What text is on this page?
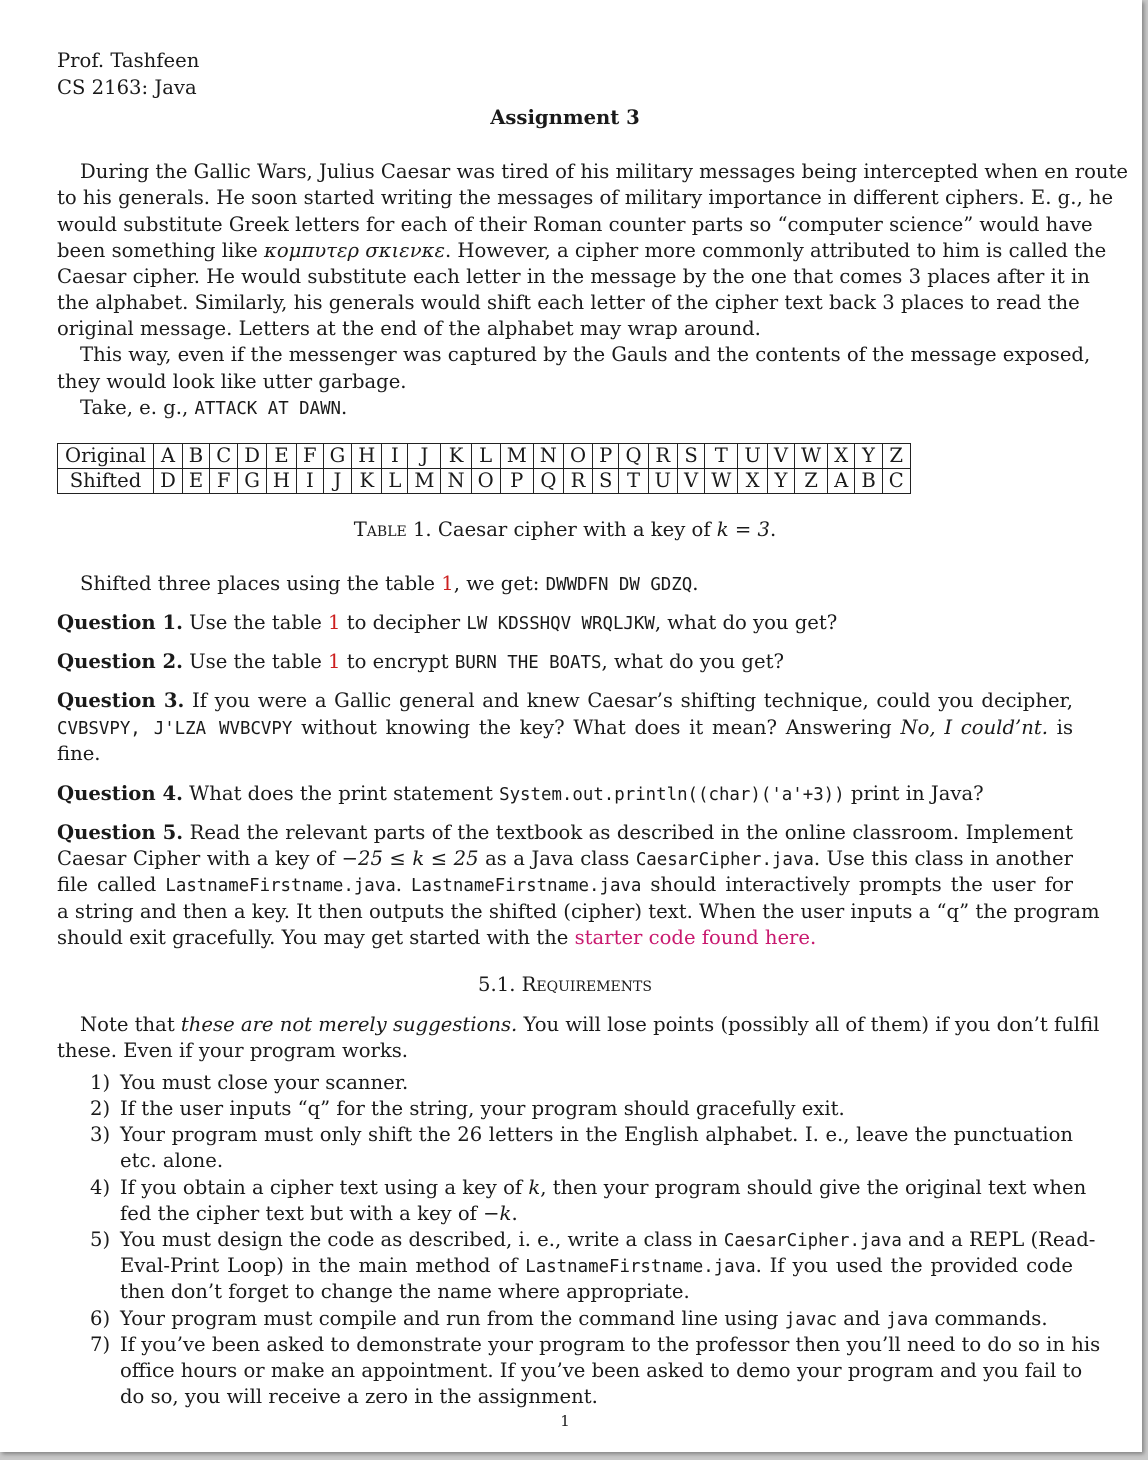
Prof. Tashfeen
CS 2163: Java
Assignment 3
During the Gallic Wars, Julius Caesar was tired of his military messages being intercepted when en route
to his generals. He soon started writing the messages of military importance in different ciphers. E. g., he
would substitute Greek letters for each of their Roman counter parts so “computer science” would have
been something like κομπυτερ σκιενκε. However, a cipher more commonly attributed to him is called the
Caesar cipher. He would substitute each letter in the message by the one that comes 3 places after it in
the alphabet. Similarly, his generals would shift each letter of the cipher text back 3 places to read the
original message. Letters at the end of the alphabet may wrap around.
This way, even if the messenger was captured by the Gauls and the contents of the message exposed,
they would look like utter garbage.
Take, e. g., ATTACK AT DAWN.
Original	A	B	C	D	E	F	G	H	I	J	K	L	M	N	O	P	Q	R	S	T	U	V	W	X	Y	Z
Shifted	D	E	F	G	H	I	J	K	L	M	N	O	P	Q	R	S	T	U	V	W	X	Y	Z	A	B	C
Table 1. Caesar cipher with a key of k = 3.
Shifted three places using the table 1, we get: DWWDFN DW GDZQ.
Question 1. Use the table 1 to decipher LW KDSSHQV WRQLJKW, what do you get?
Question 2. Use the table 1 to encrypt BURN THE BOATS, what do you get?
Question 3. If you were a Gallic general and knew Caesar’s shifting technique, could you decipher,
CVBSVPY, J'LZA WVBCVPY without knowing the key? What does it mean? Answering No, I could’nt. is
fine.
Question 4. What does the print statement System.out.println((char)('a'+3)) print in Java?
Question 5. Read the relevant parts of the textbook as described in the online classroom. Implement
Caesar Cipher with a key of −25 ≤ k ≤ 25 as a Java class CaesarCipher.java. Use this class in another
file called LastnameFirstname.java. LastnameFirstname.java should interactively prompts the user for
a string and then a key. It then outputs the shifted (cipher) text. When the user inputs a “q” the program
should exit gracefully. You may get started with the starter code found here.
5.1. Requirements
Note that these are not merely suggestions. You will lose points (possibly all of them) if you don’t fulfil
these. Even if your program works.
1) You must close your scanner.
2) If the user inputs “q” for the string, your program should gracefully exit.
3) Your program must only shift the 26 letters in the English alphabet. I. e., leave the punctuation
etc. alone.
4) If you obtain a cipher text using a key of k, then your program should give the original text when
fed the cipher text but with a key of −k.
5) You must design the code as described, i. e., write a class in CaesarCipher.java and a REPL (Read-
Eval-Print Loop) in the main method of LastnameFirstname.java. If you used the provided code
then don’t forget to change the name where appropriate.
6) Your program must compile and run from the command line using javac and java commands.
7) If you’ve been asked to demonstrate your program to the professor then you’ll need to do so in his
office hours or make an appointment. If you’ve been asked to demo your program and you fail to
do so, you will receive a zero in the assignment.
1
